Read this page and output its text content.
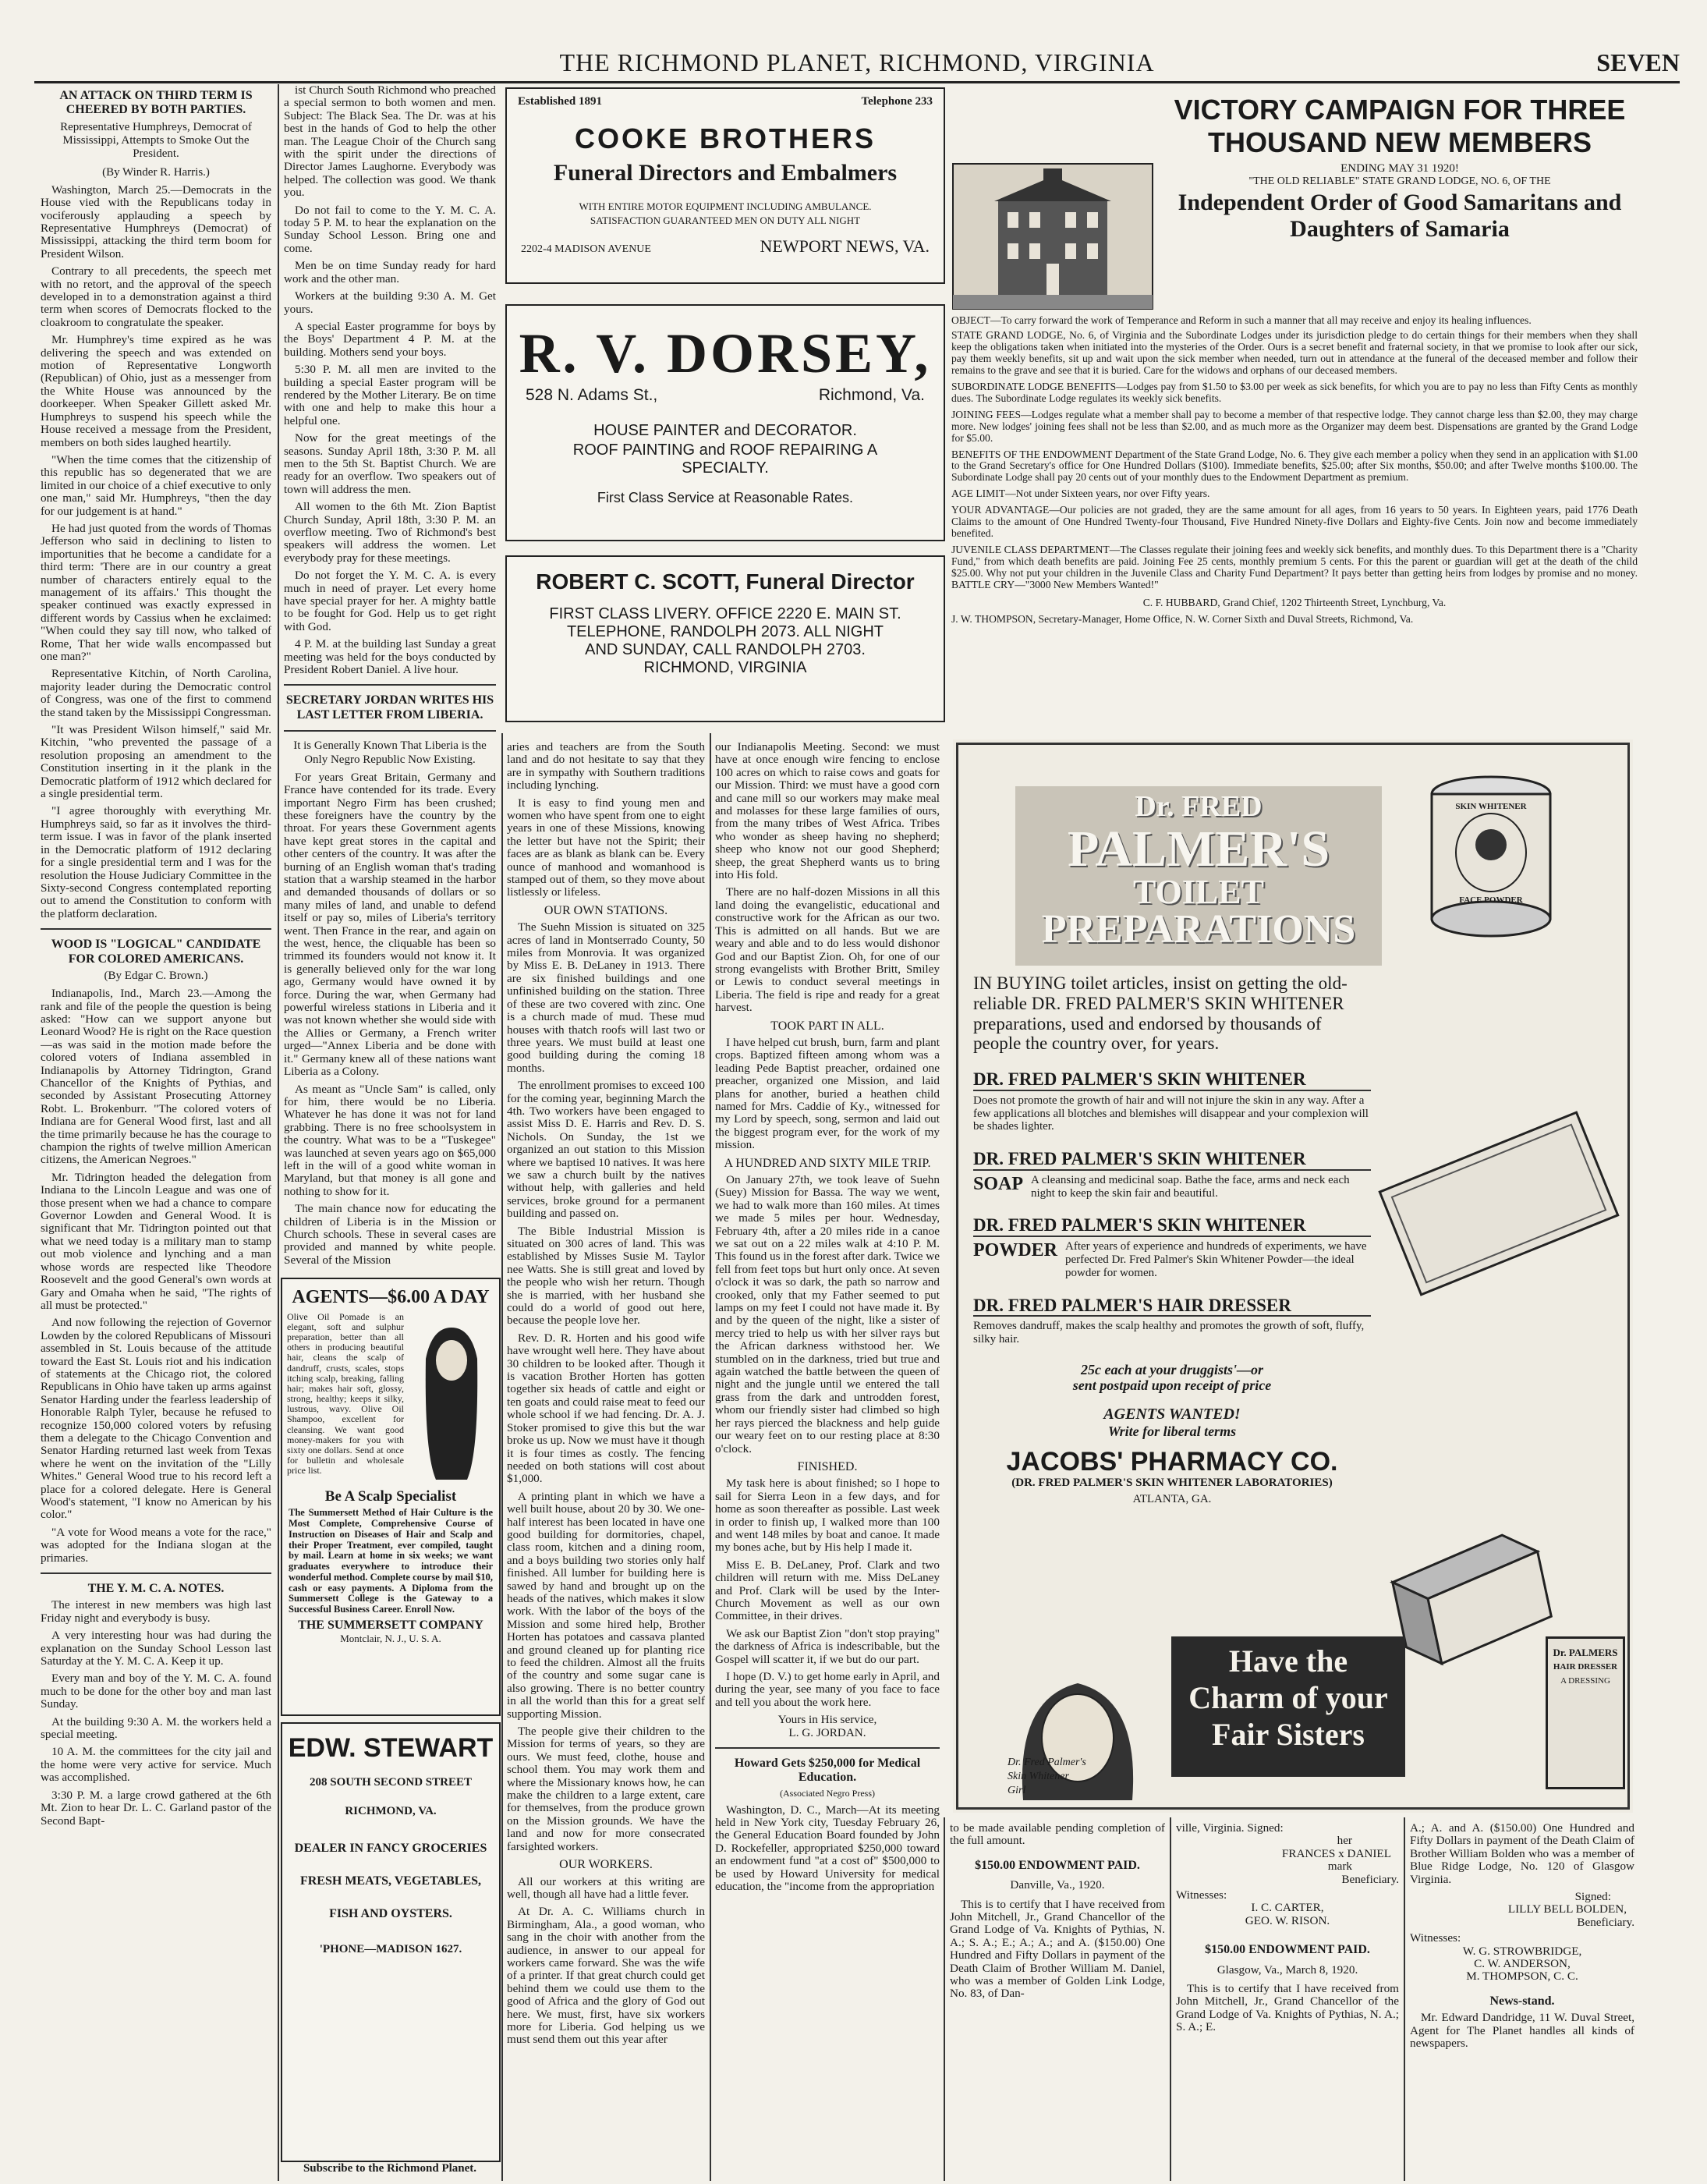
THE RICHMOND PLANET, RICHMOND, VIRGINIA	SEVEN
AN ATTACK ON THIRD TERM IS CHEERED BY BOTH PARTIES.
Representative Humphreys, Democrat of Mississippi, Attempts to Smoke Out the President.
(By Winder R. Harris.)

Washington, March 25.—Democrats in the House vied with the Republicans today in vociferously applauding a speech by Representative Humphreys (Democrat) of Mississippi, attacking the third term boom for President Wilson.

Contrary to all precedents, the speech met with no retort, and the approval of the speech developed in to a demonstration against a third term when scores of Democrats flocked to the cloakroom to congratulate the speaker.

Mr. Humphrey's time expired as he was delivering the speech and was extended on motion of Representative Longworth (Republican) of Ohio, just as a messenger from the White House was announced by the doorkeeper. When Speaker Gillett asked Mr. Humphreys to suspend his speech while the House received a message from the President, members on both sides laughed heartily.

"When the time comes that the citizenship of this republic has so degenerated that we are limited in our choice of a chief executive to only one man," said Mr. Humphreys, "then the day for our judgement is at hand."

He had just quoted from the words of Thomas Jefferson who said in declining to listen to importunities that he become a candidate for a third term: 'There are in our country a great number of characters entirely equal to the management of its affairs.' This thought the speaker continued was exactly expressed in different words by Cassius when he exclaimed: "When could they say till now, who talked of Rome, That her wide walls encompassed but one man?"

Representative Kitchin, of North Carolina, majority leader during the Democratic control of Congress, was one of the first to commend the stand taken by the Mississippi Congressman.

"It was President Wilson himself," said Mr. Kitchin, "who prevented the passage of a resolution proposing an amendment to the Constitution inserting in it the plank in the Democratic platform of 1912 which declared for a single presidential term.

"I agree thoroughly with everything Mr. Humphreys said, so far as it involves the third-term issue. I was in favor of the plank inserted in the Democratic platform of 1912 declaring for a single presidential term and I was for the resolution the House Judiciary Committee in the Sixty-second Congress contemplated reporting out to amend the Constitution to conform with the platform declaration.

WOOD IS "LOGICAL" CANDIDATE FOR COLORED AMERICANS.
(By Edgar C. Brown.)

Indianapolis, Ind., March 23.—Among the rank and file of the people the question is being asked: "How can we support anyone but Leonard Wood? He is right on the Race question—as was said in the motion made before the colored voters of Indiana assembled in Indianapolis by Attorney Tidrington, Grand Chancellor of the Knights of Pythias, and seconded by Assistant Prosecuting Attorney Robt. L. Brokenburr. "The colored voters of Indiana are for General Wood first, last and all the time primarily because he has the courage to champion the rights of twelve million American citizens, the American Negroes."

Mr. Tidrington headed the delegation from Indiana to the Lincoln League and was one of those present when we had a chance to compare Governor Lowden and General Wood. It is significant that Mr. Tidrington pointed out that what we need today is a military man to stamp out mob violence and lynching and a man whose words are respected like Theodore Roosevelt and the good General's own words at Gary and Omaha when he said, "The rights of all must be protected."

And now following the rejection of Governor Lowden by the colored Republicans of Missouri assembled in St. Louis because of the attitude toward the East St. Louis riot and his indication of statements at the Chicago riot, the colored Republicans in Ohio have taken up arms against Senator Harding under the fearless leadership of Honorable Ralph Tyler, because he refused to recognize 150,000 colored voters by refusing them a delegate to the Chicago Convention and Senator Harding returned last week from Texas where he went on the invitation of the "Lilly Whites." General Wood true to his record left a place for a colored delegate. Here is General Wood's statement, "I know no American by his color."

"A vote for Wood means a vote for the race," was adopted for the Indiana slogan at the primaries.

THE Y. M. C. A. NOTES.

The interest in new members was high last Friday night and everybody is busy.

A very interesting hour was had during the explanation on the Sunday School Lesson last Saturday at the Y. M. C. A. Keep it up.

Every man and boy of the Y. M. C. A. found much to be done for the other boy and man last Sunday.

At the building 9:30 A. M. the workers held a special meeting.

10 A. M. the committees for the city jail and the home were very active for service. Much was accomplished.

3:30 P. M. a large crowd gathered at the 6th Mt. Zion to hear Dr. L. C. Garland pastor of the Second Bapt-

ist Church South Richmond who preached a special sermon to both women and men. Subject: The Black Sea. The Dr. was at his best in the hands of God to help the other man. The League Choir of the Church sang with the spirit under the directions of Director James Laughorne. Everybody was helped. The collection was good. We thank you.

Do not fail to come to the Y. M. C. A. today 5 P. M. to hear the explanation on the Sunday School Lesson. Bring one and come.

Men be on time Sunday ready for hard work and the other man.

Workers at the building 9:30 A. M. Get yours.

A special Easter programme for boys by the Boys' Department 4 P. M. at the building. Mothers send your boys.

5:30 P. M. all men are invited to the building a special Easter program will be rendered by the Mother Literary. Be on time with one and help to make this hour a helpful one.

Now for the great meetings of the seasons. Sunday April 18th, 3:30 P. M. all men to the 5th St. Baptist Church. We are ready for an overflow. Two speakers out of town will address the men.

All women to the 6th Mt. Zion Baptist Church Sunday, April 18th, 3:30 P. M. an overflow meeting. Two of Richmond's best speakers will address the women. Let everybody pray for these meetings.

Do not forget the Y. M. C. A. is every much in need of prayer. Let every home have special prayer for her. A mighty battle to be fought for God. Help us to get right with God.

4 P. M. at the building last Sunday a great meeting was held for the boys conducted by President Robert Daniel. A live hour.

SECRETARY JORDAN WRITES HIS LAST LETTER FROM LIBERIA.
It is Generally Known That Liberia is the Only Negro Republic Now Existing.

For years Great Britain, Germany and France have contended for its trade. Every important Negro Firm has been crushed; these foreigners have the country by the throat. For years these Government agents have kept great stores in the capital and other centers of the country. It was after the burning of an English woman that's trading station that a warship steamed in the harbor and demanded thousands of dollars or so many miles of land, and unable to defend itself or pay so, miles of Liberia's territory went. Then France in the rear, and again on the west, hence, the cliquable has been so trimmed its founders would not know it. It is generally believed only for the war long ago, Germany would have owned it by force. During the war, when Germany had powerful wireless stations in Liberia and it was not known whether she would side with the Allies or Germany, a French writer urged—"Annex Liberia and be done with it." Germany knew all of these nations want Liberia as a Colony.

As meant as "Uncle Sam" is called, only for him, there would be no Liberia. Whatever he has done it was not for land grabbing. There is no free schoolsystem in the country. What was to be a "Tuskegee" was launched at seven years ago on $65,000 left in the will of a good white woman in Maryland, but that money is all gone and nothing to show for it.

The main chance now for educating the children of Liberia is in the Mission or Church schools. These in several cases are provided and manned by white people. Several of the Mission

AGENTS—$6.00 A DAY
Olive Oil Pomade is an elegant, soft and sulphur preparation, better than all others in producing beautiful hair, cleans the scalp of dandruff, crusts, scales, stops itching scalp, breaking, falling hair; makes hair soft, glossy, strong, healthy; keeps it silky, lustrous, wavy. Olive Oil Shampoo, excellent for cleansing. We want good money-makers for you with sixty one dollars. Send at once for bulletin and wholesale price list.
Be A Scalp Specialist
The Summersett Method of Hair Culture is the Most Complete, Comprehensive Course of Instruction on Diseases of Hair and Scalp and their Proper Treatment, ever compiled, taught by mail. Learn at home in six weeks; we want graduates everywhere to introduce their wonderful method. Complete course by mail $10, cash or easy payments. A Diploma from the Summersett College is the Gateway to a Successful Business Career. Enroll Now.
THE SUMMERSETT COMPANY
Montclair, N. J., U. S. A.
EDW. STEWART
208 SOUTH SECOND STREET
RICHMOND, VA.
DEALER IN FANCY GROCERIES
FRESH MEATS, VEGETABLES,
FISH AND OYSTERS.
'PHONE—MADISON 1627.
Subscribe to the Richmond Planet.
Established 1891	Telephone 233
COOKE BROTHERS
Funeral Directors and Embalmers
WITH ENTIRE MOTOR EQUIPMENT INCLUDING AMBULANCE.
SATISFACTION GUARANTEED MEN ON DUTY ALL NIGHT
2202-4 MADISON AVENUE	NEWPORT NEWS, VA.
R. V. DORSEY,
528 N. Adams St.,	Richmond, Va.
HOUSE PAINTER and DECORATOR.
ROOF PAINTING and ROOF REPAIRING A SPECIALTY.
First Class Service at Reasonable Rates.
ROBERT C. SCOTT, Funeral Director
FIRST CLASS LIVERY. OFFICE 2220 E. MAIN ST.
TELEPHONE, RANDOLPH 2073. ALL NIGHT
AND SUNDAY, CALL RANDOLPH 2703.
RICHMOND, VIRGINIA
VICTORY CAMPAIGN FOR THREE
THOUSAND NEW MEMBERS
ENDING MAY 31 1920!
"THE OLD RELIABLE" STATE GRAND LODGE, NO. 6, OF THE
Independent Order of Good Samaritans and
Daughters of Samaria

OBJECT—To carry forward the work of Temperance and Reform in such a manner that all may receive and enjoy its healing influences.

STATE GRAND LODGE, No. 6, of Virginia and the Subordinate Lodges under its jurisdiction pledge to do certain things for their members when they shall keep the obligations taken when initiated into the mysteries of the Order. Ours is a secret benefit and fraternal society, in that we promise to look after our sick, pay them weekly benefits, sit up and wait upon the sick member when needed, turn out in attendance at the funeral of the deceased member and follow their remains to the grave and see that it is buried. Care for the widows and orphans of our deceased members.

SUBORDINATE LODGE BENEFITS—Lodges pay from $1.50 to $3.00 per week as sick benefits, for which you are to pay no less than Fifty Cents as monthly dues. The Subordinate Lodge regulates its weekly sick benefits.

JOINING FEES—Lodges regulate what a member shall pay to become a member of that respective lodge. They cannot charge less than $2.00, they may charge more. New lodges' joining fees shall not be less than $2.00, and as much more as the Organizer may deem best. Dispensations are granted by the Grand Lodge for $5.00.

BENEFITS OF THE ENDOWMENT Department of the State Grand Lodge, No. 6. They give each member a policy when they send in an application with $1.00 to the Grand Secretary's office for One Hundred Dollars ($100). Immediate benefits, $25.00; after Six months, $50.00; and after Twelve months $100.00. The Subordinate Lodge shall pay 20 cents out of your monthly dues to the Endowment Department as premium.

AGE LIMIT—Not under Sixteen years, nor over Fifty years.

YOUR ADVANTAGE—Our policies are not graded, they are the same amount for all ages, from 16 years to 50 years. In Eighteen years, paid 1776 Death Claims to the amount of One Hundred Twenty-four Thousand, Five Hundred Ninety-five Dollars and Eighty-five Cents. Join now and become immediately benefited.

JUVENILE CLASS DEPARTMENT—The Classes regulate their joining fees and weekly sick benefits, and monthly dues. To this Department there is a "Charity Fund," from which death benefits are paid. Joining Fee 25 cents, monthly premium 5 cents. For this the parent or guardian will get at the death of the child $25.00. Why not put your children in the Juvenile Class and Charity Fund Department? It pays better than getting heirs from lodges by promise and no money. BATTLE CRY—"3000 New Members Wanted!"

C. F. HUBBARD, Grand Chief, 1202 Thirteenth Street, Lynchburg, Va.
J. W. THOMPSON, Secretary-Manager, Home Office, N. W. Corner Sixth and Duval Streets, Richmond, Va.

aries and teachers are from the South land and do not hesitate to say that they are in sympathy with Southern traditions including lynching.

It is easy to find young men and women who have spent from one to eight years in one of these Missions, knowing the letter but have not the Spirit; their faces are as blank as blank can be. Every ounce of manhood and womanhood is stamped out of them, so they move about listlessly or lifeless.

OUR OWN STATIONS.

The Suehn Mission is situated on 325 acres of land in Montserrado County, 50 miles from Monrovia. It was organized by Miss E. B. DeLaney in 1913. There are six finished buildings and one unfinished building on the station. Three of these are two covered with zinc. One is a church made of mud. These mud houses with thatch roofs will last two or three years. We must build at least one good building during the coming 18 months.

The enrollment promises to exceed 100 for the coming year, beginning March the 4th. Two workers have been engaged to assist Miss D. E. Harris and Rev. D. S. Nichols. On Sunday, the 1st we organized an out station to this Mission where we baptised 10 natives. It was here we saw a church built by the natives without help, with galleries and held services, broke ground for a permanent building and passed on.

The Bible Industrial Mission is situated on 300 acres of land. This was established by Misses Susie M. Taylor nee Watts. She is still great and loved by the people who wish her return. Though she is married, with her husband she could do a world of good out here, because the people love her.

Rev. D. R. Horten and his good wife have wrought well here. They have about 30 children to be looked after. Though it is vacation Brother Horten has gotten together six heads of cattle and eight or ten goats and could raise meat to feed our whole school if we had fencing. Dr. A. J. Stoker promised to give this but the war broke us up. Now we must have it though it is four times as costly. The fencing needed on both stations will cost about $1,000.

A printing plant in which we have a well built house, about 20 by 30. We one-half interest has been located in have one good building for dormitories, chapel, class room, kitchen and a dining room, and a boys building two stories only half finished. All lumber for building here is sawed by hand and brought up on the heads of the natives, which makes it slow work. With the labor of the boys of the Mission and some hired help, Brother Horten has potatoes and cassava planted and ground cleaned up for planting rice to feed the children. Almost all the fruits of the country and some sugar cane is also growing. There is no better country in all the world than this for a great self supporting Mission.

The people give their children to the Mission for terms of years, so they are ours. We must feed, clothe, house and school them. You may work them and where the Missionary knows how, he can make the children to a large extent, care for themselves, from the produce grown on the Mission grounds. We have the land and now for more consecrated farsighted workers.

OUR WORKERS.

All our workers at this writing are well, though all have had a little fever.

At Dr. A. C. Williams church in Birmingham, Ala., a good woman, who sang in the choir with another from the audience, in answer to our appeal for workers came forward. She was the wife of a printer. If that great church could get behind them we could use them to the good of Africa and the glory of God out here. We must, first, have six workers more for Liberia. God helping us we must send them out this year after

our Indianapolis Meeting. Second: we must have at once enough wire fencing to enclose 100 acres on which to raise cows and goats for our Mission. Third: we must have a good corn and cane mill so our workers may make meal and molasses for these large families of ours, from the many tribes of West Africa. Tribes who wonder as sheep having no shepherd; sheep who know not our good Shepherd; sheep, the great Shepherd wants us to bring into His fold.

There are no half-dozen Missions in all this land doing the evangelistic, educational and constructive work for the African as our two. This is admitted on all hands. But we are weary and able and to do less would dishonor God and our Baptist Zion. Oh, for one of our strong evangelists with Brother Britt, Smiley or Lewis to conduct several meetings in Liberia. The field is ripe and ready for a great harvest.

TOOK PART IN ALL.

I have helped cut brush, burn, farm and plant crops. Baptized fifteen among whom was a leading Pede Baptist preacher, ordained one preacher, organized one Mission, and laid plans for another, buried a heathen child named for Mrs. Caddie of Ky., witnessed for my Lord by speech, song, sermon and laid out the biggest program ever, for the work of my mission.

A HUNDRED AND SIXTY MILE TRIP.

On January 27th, we took leave of Suehn (Suey) Mission for Bassa. The way we went, we had to walk more than 160 miles. At times we made 5 miles per hour. Wednesday, February 4th, after a 20 miles ride in a canoe we sat out on a 22 miles walk at 4:10 P. M. This found us in the forest after dark. Twice we fell from feet tops but hurt only once. At seven o'clock it was so dark, the path so narrow and crooked, only that my Father seemed to put lamps on my feet I could not have made it. By and by the queen of the night, like a sister of mercy tried to help us with her silver rays but the African darkness withstood her. We stumbled on in the darkness, tried but true and again watched the battle between the queen of night and the jungle until we entered the tall grass from the dark and untrodden forest, whom our friendly sister had climbed so high her rays pierced the blackness and help guide our weary feet on to our resting place at 8:30 o'clock.

FINISHED.

My task here is about finished; so I hope to sail for Sierra Leon in a few days, and for home as soon thereafter as possible. Last week in order to finish up, I walked more than 100 and went 148 miles by boat and canoe. It made my bones ache, but by His help I made it.

Miss E. B. DeLaney, Prof. Clark and two children will return with me. Miss DeLaney and Prof. Clark will be used by the Inter-Church Movement as well as our own Committee, in their drives.

We ask our Baptist Zion "don't stop praying" the darkness of Africa is indescribable, but the Gospel will scatter it, if we but do our part.

I hope (D. V.) to get home early in April, and during the year, see many of you face to face and tell you about the work here.

Yours in His service,
L. G. JORDAN.
Howard Gets $250,000 for Medical Education.
(Associated Negro Press)

Washington, D. C., March—At its meeting held in New York city, Tuesday February 26, the General Education Board founded by John D. Rockefeller, appropriated $250,000 toward an endowment fund "at a cost of" $500,000 to be used by Howard University for medical education, the "income from the appropriation

Dr. FRED
PALMER'S
TOILET
PREPARATIONS
SKIN WHITENER
FACE POWDER
IN BUYING toilet articles, insist on getting the old-reliable DR. FRED PALMER'S SKIN WHITENER preparations, used and endorsed by thousands of people the country over, for years.
DR. FRED PALMER'S SKIN WHITENER
Does not promote the growth of hair and will not injure the skin in any way. After a few applications all blotches and blemishes will disappear and your complexion will be shades lighter.
DR. FRED PALMER'S SKIN WHITENER
SOAP A cleansing and medicinal soap. Bathe the face, arms and neck each night to keep the skin fair and beautiful.
DR. FRED PALMER'S SKIN WHITENER
POWDER After years of experience and hundreds of experiments, we have perfected Dr. Fred Palmer's Skin Whitener Powder—the ideal powder for women.
DR. FRED PALMER'S HAIR DRESSER
Removes dandruff, makes the scalp healthy and promotes the growth of soft, fluffy, silky hair.
25c each at your druggists'—or
sent postpaid upon receipt of price
AGENTS WANTED!
Write for liberal terms
JACOBS' PHARMACY CO.
(DR. FRED PALMER'S SKIN WHITENER LABORATORIES)
ATLANTA, GA.
Dr. PALMERS
HAIR DRESSER
A DRESSING
Have the
Charm of your
Fair Sisters
Dr. Fred Palmer's
Skin Whitener
Girl

to be made available pending completion of the full amount.

$150.00 ENDOWMENT PAID.
Danville, Va., 1920.

This is to certify that I have received from John Mitchell, Jr., Grand Chancellor of the Grand Lodge of Va. Knights of Pythias, N. A.; S. A.; E.; A.; A.; and A. ($150.00) One Hundred and Fifty Dollars in payment of the Death Claim of Brother William M. Daniel, who was a member of Golden Link Lodge, No. 83, of Dan-

ville, Virginia. Signed:
her
FRANCES x DANIEL
mark
Beneficiary.
Witnesses:
I. C. CARTER,
GEO. W. RISON.
$150.00 ENDOWMENT PAID.
Glasgow, Va., March 8, 1920.

This is to certify that I have received from John Mitchell, Jr., Grand Chancellor of the Grand Lodge of Va. Knights of Pythias, N. A.; S. A.; E.

A.; A. and A. ($150.00) One Hundred and Fifty Dollars in payment of the Death Claim of Brother William Bolden who was a member of Blue Ridge Lodge, No. 120 of Glasgow Virginia.

Signed:
LILLY BELL BOLDEN,
Beneficiary.
Witnesses:
W. G. STROWBRIDGE,
C. W. ANDERSON,
M. THOMPSON, C. C.
News-stand.

Mr. Edward Dandridge, 11 W. Duval Street, Agent for The Planet handles all kinds of newspapers.
